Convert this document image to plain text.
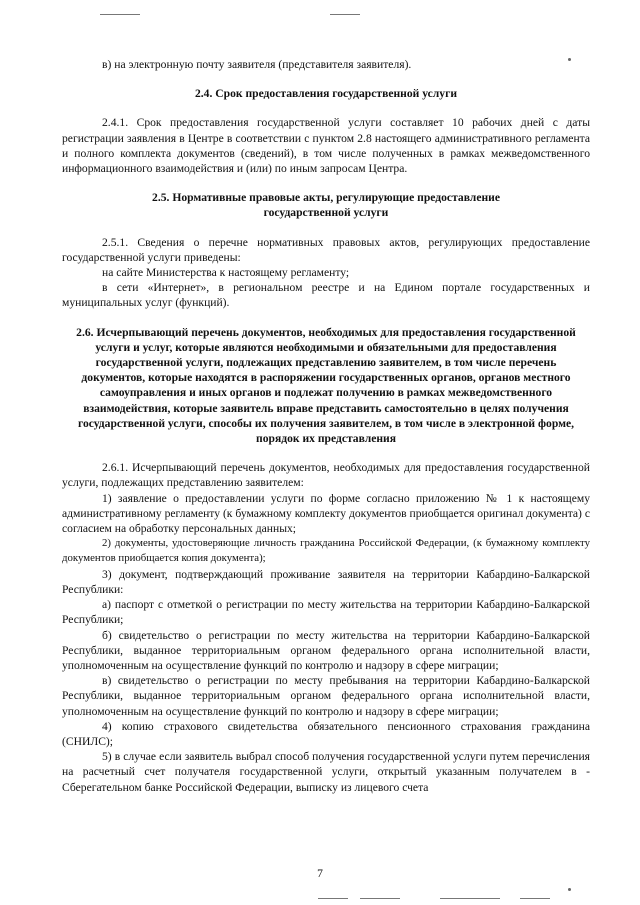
в) на электронную почту заявителя (представителя заявителя).

2.4. Срок предоставления государственной услуги

2.4.1. Срок предоставления государственной услуги составляет 10 рабочих дней с даты регистрации заявления в Центре в соответствии с пунктом 2.8 настоящего административного регламента и полного комплекта документов (сведений), в том числе полученных в рамках межведомственного информационного взаимодействия и (или) по иным запросам Центра.

2.5. Нормативные правовые акты, регулирующие предоставление

государственной услуги

2.5.1. Сведения о перечне нормативных правовых актов, регулирующих предоставление государственной услуги приведены:

на сайте Министерства к настоящему регламенту;

в сети «Интернет», в региональном реестре и на Едином портале государственных и муниципальных услуг (функций).

2.6. Исчерпывающий перечень документов, необходимых для предоставления государственной услуги и услуг, которые являются необходимыми и обязательными для предоставления государственной услуги, подлежащих представлению заявителем, в том числе перечень документов, которые находятся в распоряжении государственных органов, органов местного самоуправления и иных органов и подлежат получению в рамках межведомственного взаимодействия, которые заявитель вправе представить самостоятельно в целях получения государственной услуги, способы их получения заявителем, в том числе в электронной форме, порядок их представления

2.6.1. Исчерпывающий перечень документов, необходимых для предоставления государственной услуги, подлежащих представлению заявителем:

1) заявление о предоставлении услуги по форме согласно приложению № 1 к настоящему административному регламенту (к бумажному комплекту документов приобщается оригинал документа) с согласием на обработку персональных данных;

2) документы, удостоверяющие личность гражданина Российской Федерации, (к бумажному комплекту документов приобщается копия документа);

3) документ, подтверждающий проживание заявителя на территории Кабардино-Балкарской Республики:

а) паспорт с отметкой о регистрации по месту жительства на территории Кабардино-Балкарской Республики;

б) свидетельство о регистрации по месту жительства на территории Кабардино-Балкарской Республики, выданное территориальным органом федерального органа исполнительной власти, уполномоченным на осуществление функций по контролю и надзору в сфере миграции;

в) свидетельство о регистрации по месту пребывания на территории Кабардино-Балкарской Республики, выданное территориальным органом федерального органа исполнительной власти, уполномоченным на осуществление функций по контролю и надзору в сфере миграции;

4) копию страхового свидетельства обязательного пенсионного страхования гражданина (СНИЛС);

5) в случае если заявитель выбрал способ получения государственной услуги путем перечисления на расчетный счет получателя государственной услуги, открытый указанным получателем в - Сберегательном банке Российской Федерации, выписку из лицевого счета

7
